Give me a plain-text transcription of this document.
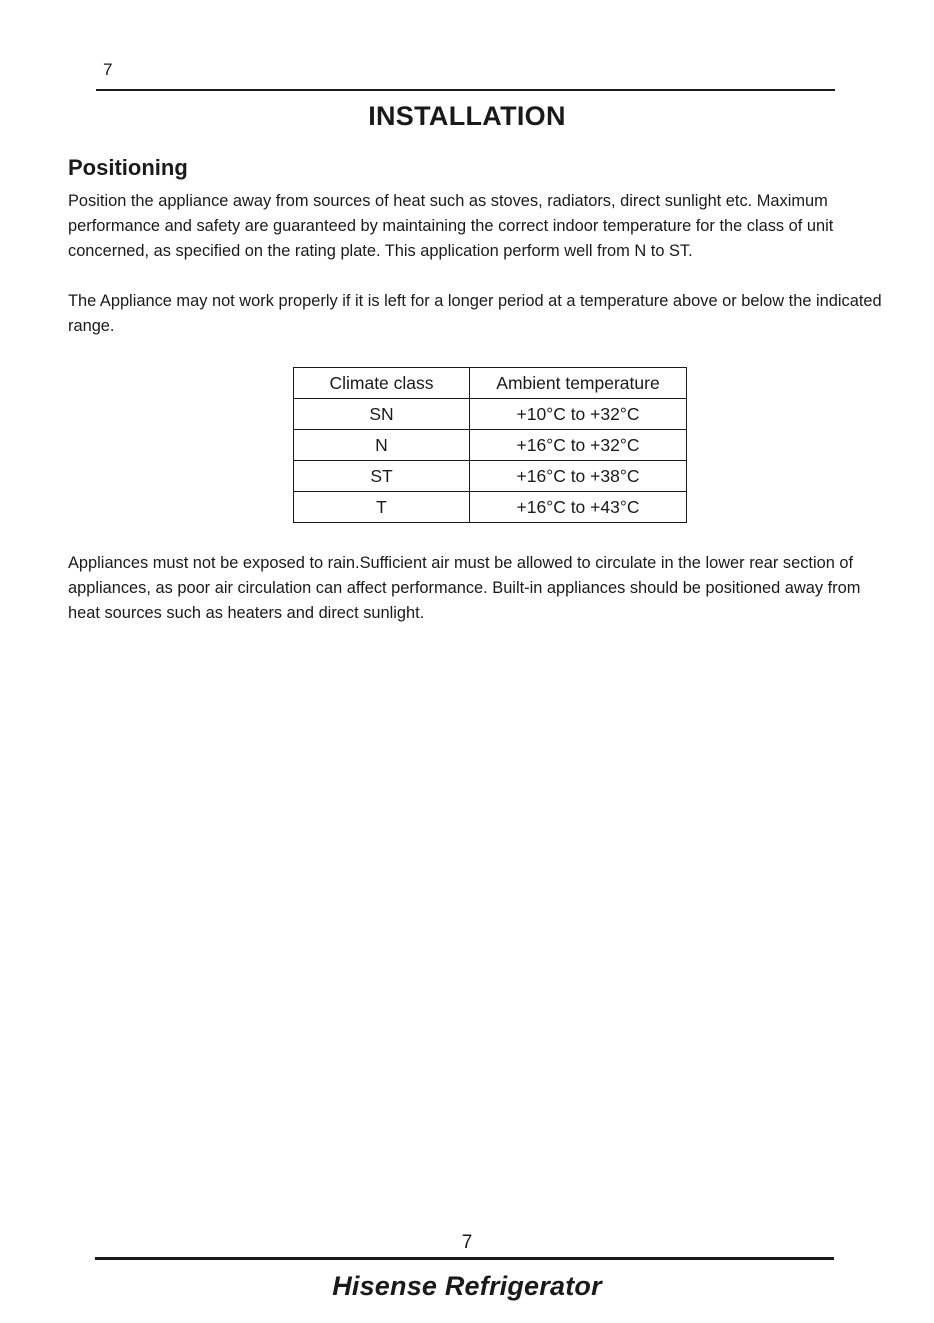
7
INSTALLATION
Positioning

Position the appliance away from sources of heat such as stoves, radiators, direct sunlight etc. Maximum performance and safety are guaranteed by maintaining the correct indoor temperature for the class of unit concerned, as specified on the rating plate. This application perform well from N to ST.

The Appliance may not work properly if it is left for a longer period at a temperature above or below the indicated range.

Climate class	Ambient temperature
SN	+10°C to +32°C
N	+16°C to +32°C
ST	+16°C to +38°C
T	+16°C to +43°C

Appliances must not be exposed to rain.Sufficient air must be allowed to circulate in the lower rear section of appliances, as poor air circulation can affect performance. Built-in appliances should be positioned away from heat sources such as heaters and direct sunlight.

7
Hisense Refrigerator
